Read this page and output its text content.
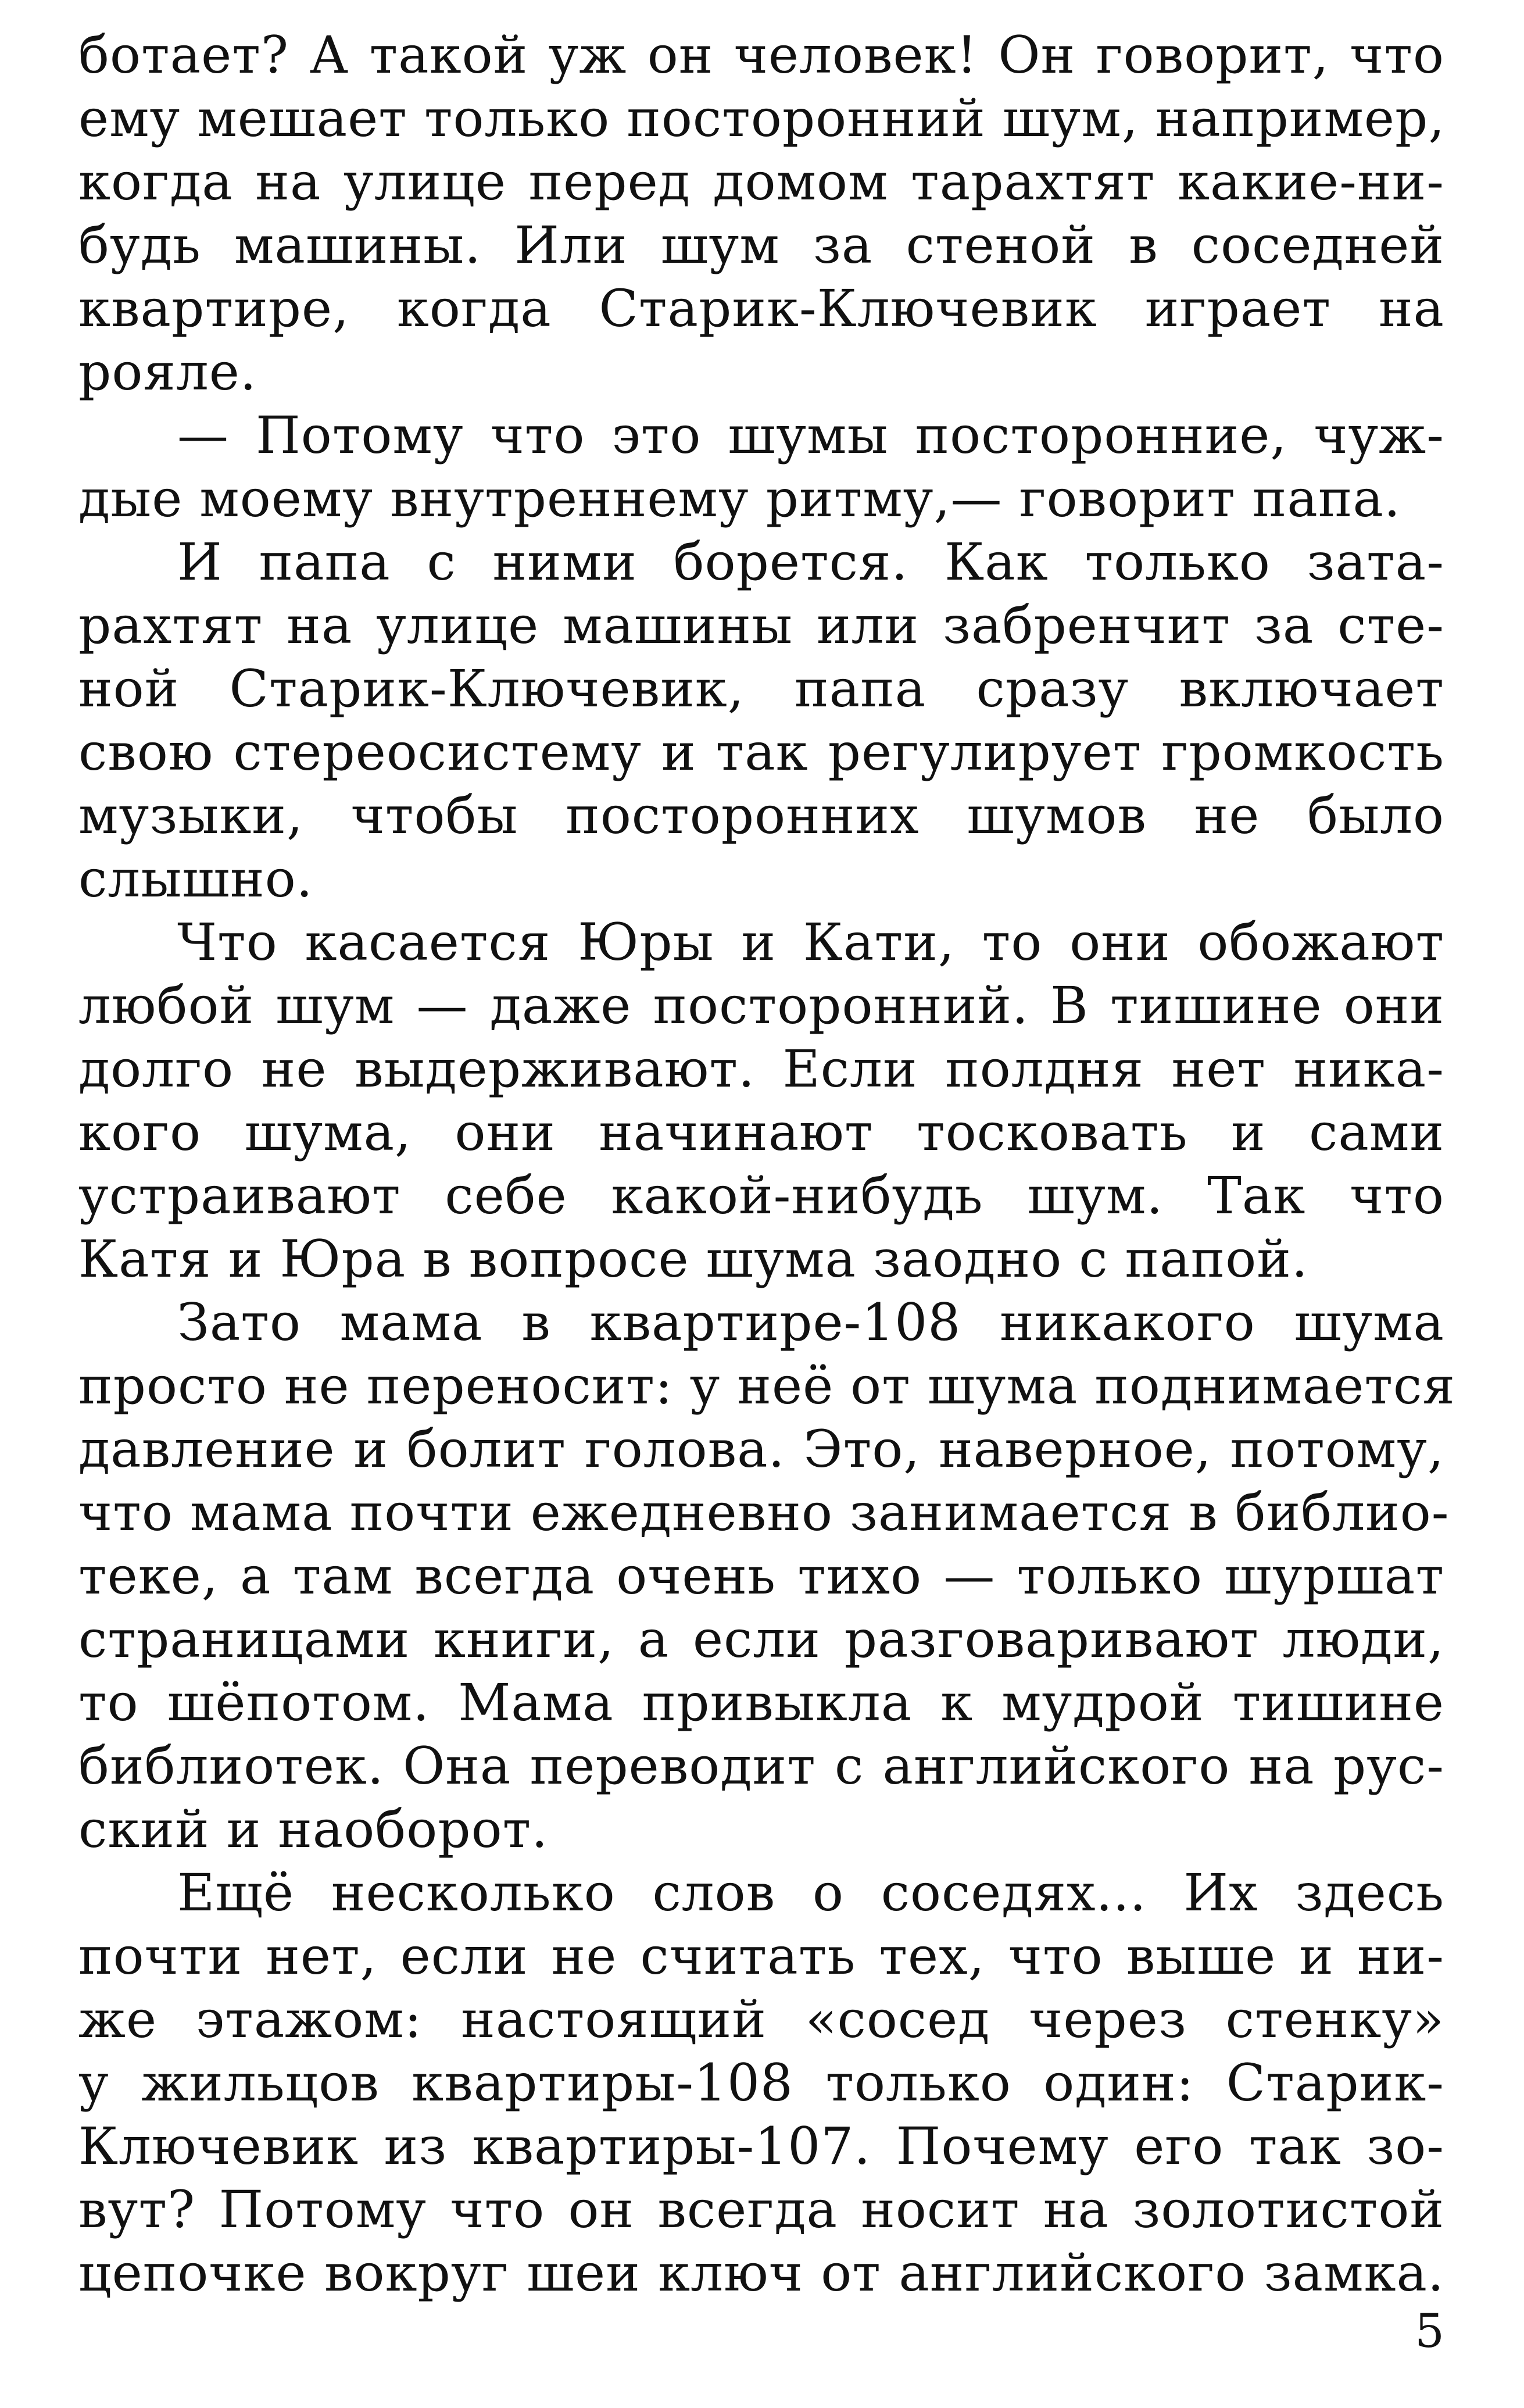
ботает? А такой уж он человек! Он говорит, что
ему мешает только посторонний шум, например,
когда на улице перед домом тарахтят какие-ни-
будь машины. Или шум за стеной в соседней
квартире, когда Старик-Ключевик играет на
рояле.
— Потому что это шумы посторонние, чуж-
дые моему внутреннему ритму,— говорит папа.
И папа с ними борется. Как только зата-
рахтят на улице машины или забренчит за сте-
ной Старик-Ключевик, папа сразу включает
свою стереосистему и так регулирует громкость
музыки, чтобы посторонних шумов не было
слышно.
Что касается Юры и Кати, то они обожают
любой шум — даже посторонний. В тишине они
долго не выдерживают. Если полдня нет ника-
кого шума, они начинают тосковать и сами
устраивают себе какой-нибудь шум. Так что
Катя и Юра в вопросе шума заодно с папой.
Зато мама в квартире-108 никакого шума
просто не переносит: у неё от шума поднимается
давление и болит голова. Это, наверное, потому,
что мама почти ежедневно занимается в библио-
теке, а там всегда очень тихо — только шуршат
страницами книги, а если разговаривают люди,
то шёпотом. Мама привыкла к мудрой тишине
библиотек. Она переводит с английского на рус-
ский и наоборот.
Ещё несколько слов о соседях... Их здесь
почти нет, если не считать тех, что выше и ни-
же этажом: настоящий «сосед через стенку»
у жильцов квартиры-108 только один: Старик-
Ключевик из квартиры-107. Почему его так зо-
вут? Потому что он всегда носит на золотистой
цепочке вокруг шеи ключ от английского замка.
5
